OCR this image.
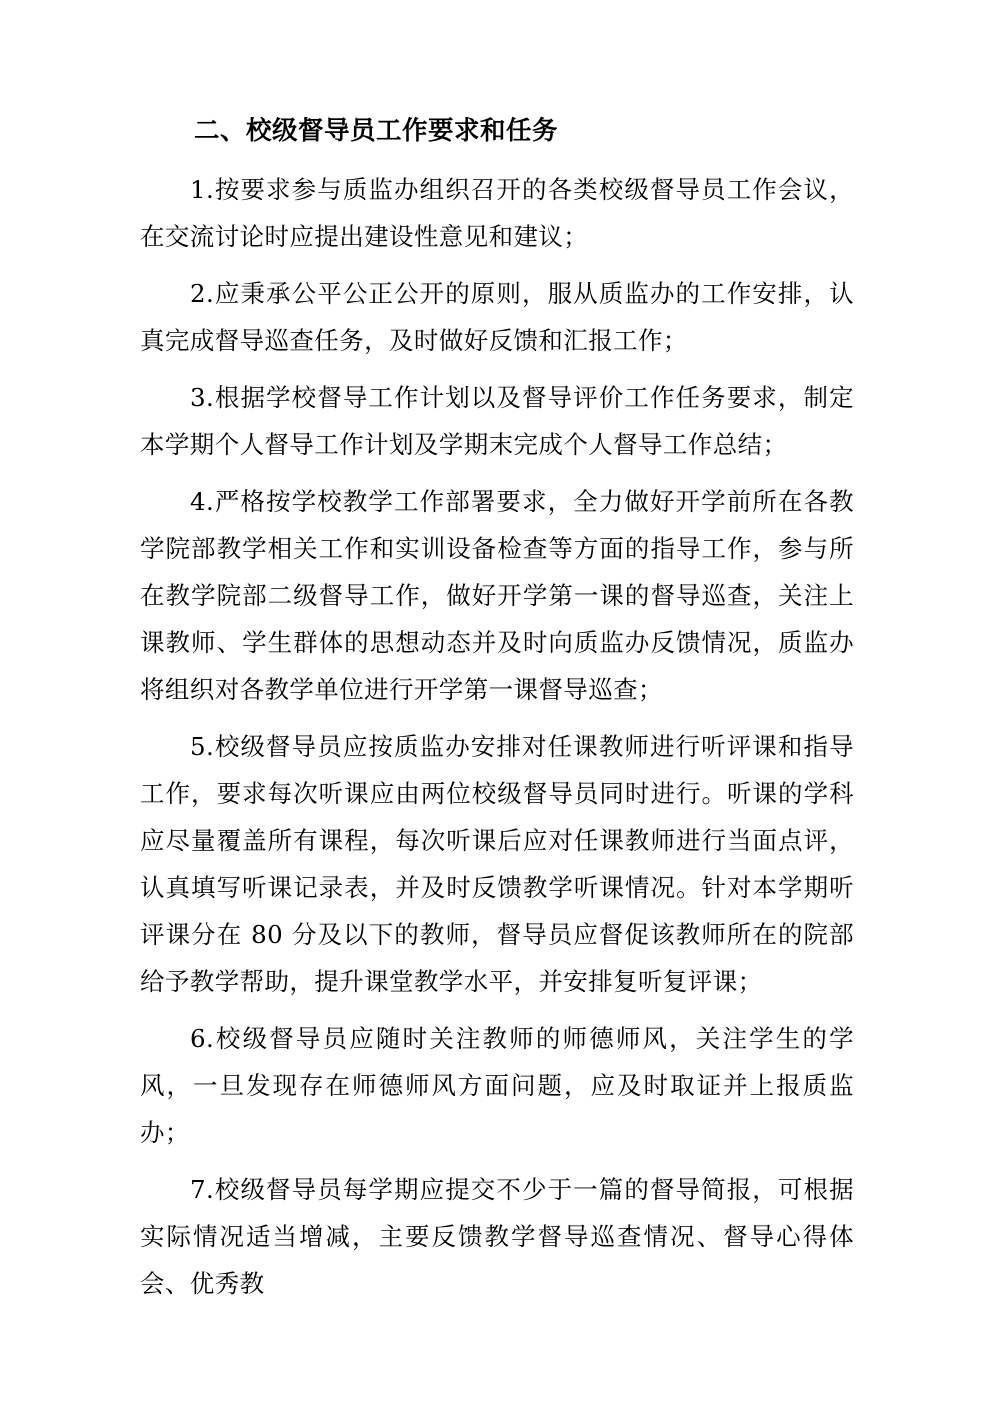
二、校级督导员工作要求和任务

1.按要求参与质监办组织召开的各类校级督导员工作会议，在交流讨论时应提出建设性意见和建议；

2.应秉承公平公正公开的原则，服从质监办的工作安排，认真完成督导巡查任务，及时做好反馈和汇报工作；

3.根据学校督导工作计划以及督导评价工作任务要求，制定本学期个人督导工作计划及学期末完成个人督导工作总结；

4.严格按学校教学工作部署要求，全力做好开学前所在各教学院部教学相关工作和实训设备检查等方面的指导工作，参与所在教学院部二级督导工作，做好开学第一课的督导巡查，关注上课教师、学生群体的思想动态并及时向质监办反馈情况，质监办将组织对各教学单位进行开学第一课督导巡查；

5.校级督导员应按质监办安排对任课教师进行听评课和指导工作，要求每次听课应由两位校级督导员同时进行。听课的学科应尽量覆盖所有课程，每次听课后应对任课教师进行当面点评，认真填写听课记录表，并及时反馈教学听课情况。针对本学期听评课分在 80 分及以下的教师，督导员应督促该教师所在的院部给予教学帮助，提升课堂教学水平，并安排复听复评课；

6.校级督导员应随时关注教师的师德师风，关注学生的学风，一旦发现存在师德师风方面问题，应及时取证并上报质监办；

7.校级督导员每学期应提交不少于一篇的督导简报，可根据实际情况适当增减，主要反馈教学督导巡查情况、督导心得体会、优秀教
